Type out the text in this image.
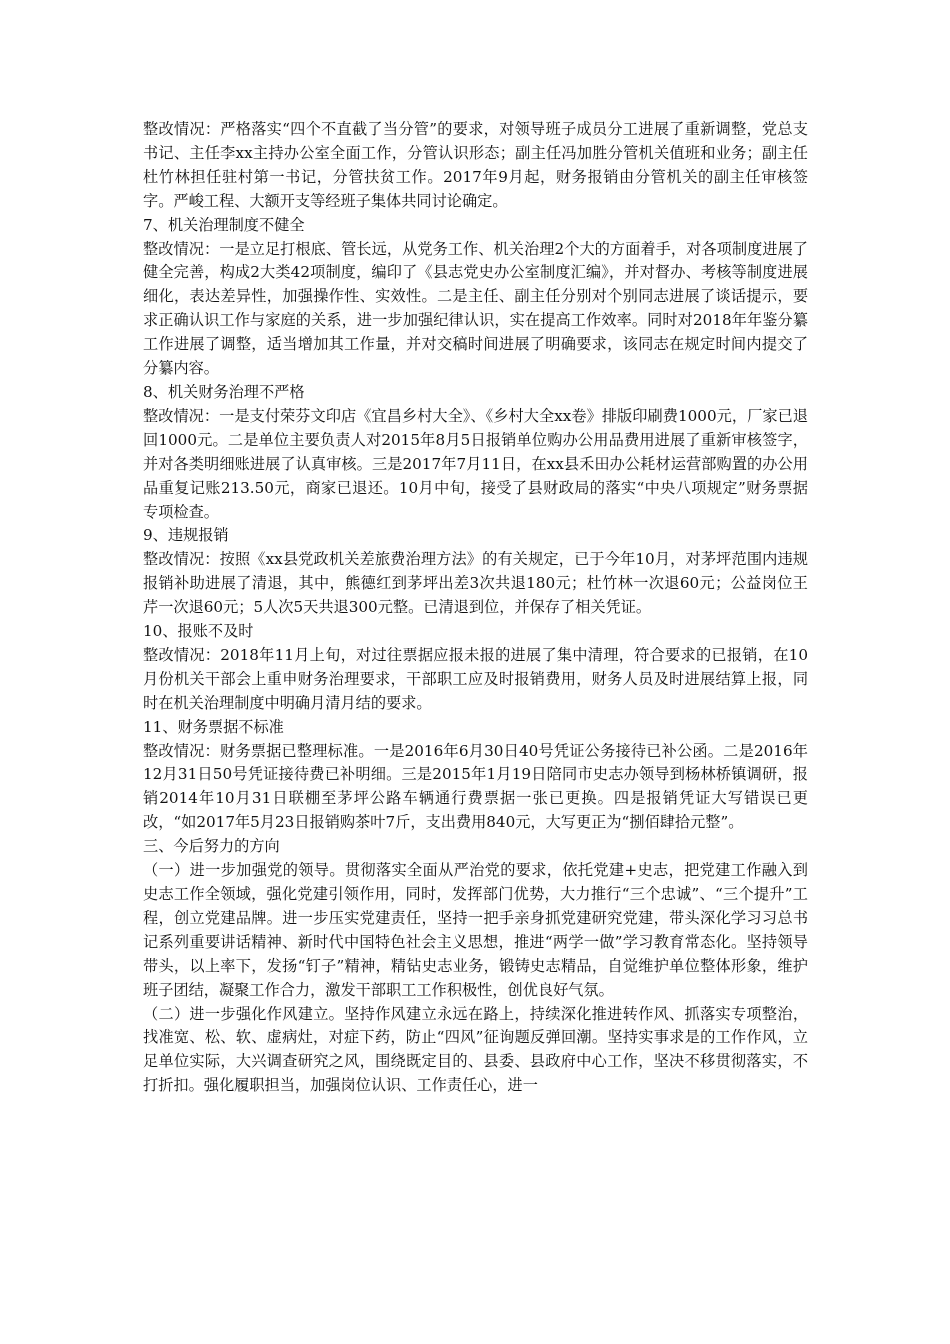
整改情况：严格落实“四个不直截了当分管”的要求，对领导班子成员分工进展了重新调整，党总支书记、主任李xx主持办公室全面工作，分管认识形态；副主任冯加胜分管机关值班和业务；副主任杜竹林担任驻村第一书记，分管扶贫工作。2017年9月起，财务报销由分管机关的副主任审核签字。严峻工程、大额开支等经班子集体共同讨论确定。

7、机关治理制度不健全

整改情况：一是立足打根底、管长远，从党务工作、机关治理2个大的方面着手，对各项制度进展了健全完善，构成2大类42项制度，编印了《县志党史办公室制度汇编》，并对督办、考核等制度进展细化，表达差异性，加强操作性、实效性。二是主任、副主任分别对个别同志进展了谈话提示，要求正确认识工作与家庭的关系，进一步加强纪律认识，实在提高工作效率。同时对2018年年鉴分纂工作进展了调整，适当增加其工作量，并对交稿时间进展了明确要求，该同志在规定时间内提交了分纂内容。

8、机关财务治理不严格

整改情况：一是支付荣芬文印店《宜昌乡村大全》、《乡村大全xx卷》排版印刷费1000元，厂家已退回1000元。二是单位主要负责人对2015年8月5日报销单位购办公用品费用进展了重新审核签字，并对各类明细账进展了认真审核。三是2017年7月11日，在xx县禾田办公耗材运营部购置的办公用品重复记账213.50元，商家已退还。10月中旬，接受了县财政局的落实“中央八项规定”财务票据专项检查。

9、违规报销

整改情况：按照《xx县党政机关差旅费治理方法》的有关规定，已于今年10月，对茅坪范围内违规报销补助进展了清退，其中，熊德红到茅坪出差3次共退180元；杜竹林一次退60元；公益岗位王芹一次退60元；5人次5天共退300元整。已清退到位，并保存了相关凭证。

10、报账不及时

整改情况：2018年11月上旬，对过往票据应报未报的进展了集中清理，符合要求的已报销，在10月份机关干部会上重申财务治理要求，干部职工应及时报销费用，财务人员及时进展结算上报，同时在机关治理制度中明确月清月结的要求。

11、财务票据不标准

整改情况：财务票据已整理标准。一是2016年6月30日40号凭证公务接待已补公函。二是2016年12月31日50号凭证接待费已补明细。三是2015年1月19日陪同市史志办领导到杨林桥镇调研，报销2014年10月31日联棚至茅坪公路车辆通行费票据一张已更换。四是报销凭证大写错误已更改，“如2017年5月23日报销购茶叶7斤，支出费用840元，大写更正为“捌佰肆拾元整”。

三、今后努力的方向

（一）进一步加强党的领导。贯彻落实全面从严治党的要求，依托党建+史志，把党建工作融入到史志工作全领域，强化党建引领作用，同时，发挥部门优势，大力推行“三个忠诚”、“三个提升”工程，创立党建品牌。进一步压实党建责任，坚持一把手亲身抓党建研究党建，带头深化学习习总书记系列重要讲话精神、新时代中国特色社会主义思想，推进“两学一做”学习教育常态化。坚持领导带头，以上率下，发扬“钉子”精神，精钻史志业务，锻铸史志精品，自觉维护单位整体形象，维护班子团结，凝聚工作合力，激发干部职工工作积极性，创优良好气氛。

（二）进一步强化作风建立。坚持作风建立永远在路上，持续深化推进转作风、抓落实专项整治，找准宽、松、软、虚病灶，对症下药，防止“四风”征询题反弹回潮。坚持实事求是的工作作风，立足单位实际，大兴调查研究之风，围绕既定目的、县委、县政府中心工作，坚决不移贯彻落实，不打折扣。强化履职担当，加强岗位认识、工作责任心，进一
